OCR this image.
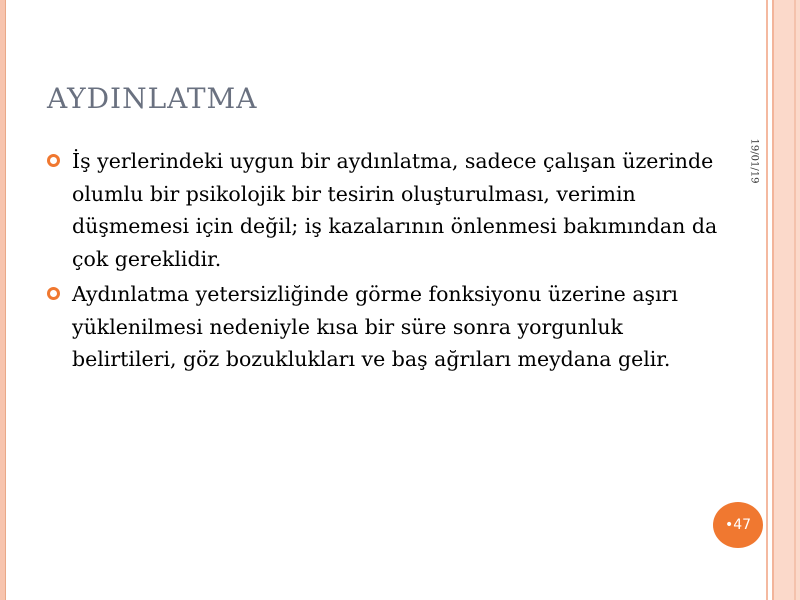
AYDINLATMA
19/01/19
İş yerlerindeki uygun bir aydınlatma, sadece çalışan üzerinde olumlu bir psikolojik bir tesirin oluşturulması, verimin düşmemesi için değil; iş kazalarının önlenmesi bakımından da çok gereklidir.
Aydınlatma yetersizliğinde görme fonksiyonu üzerine aşırı yüklenilmesi nedeniyle kısa bir süre sonra yorgunluk belirtileri, göz bozuklukları ve baş ağrıları meydana gelir.
• 47
